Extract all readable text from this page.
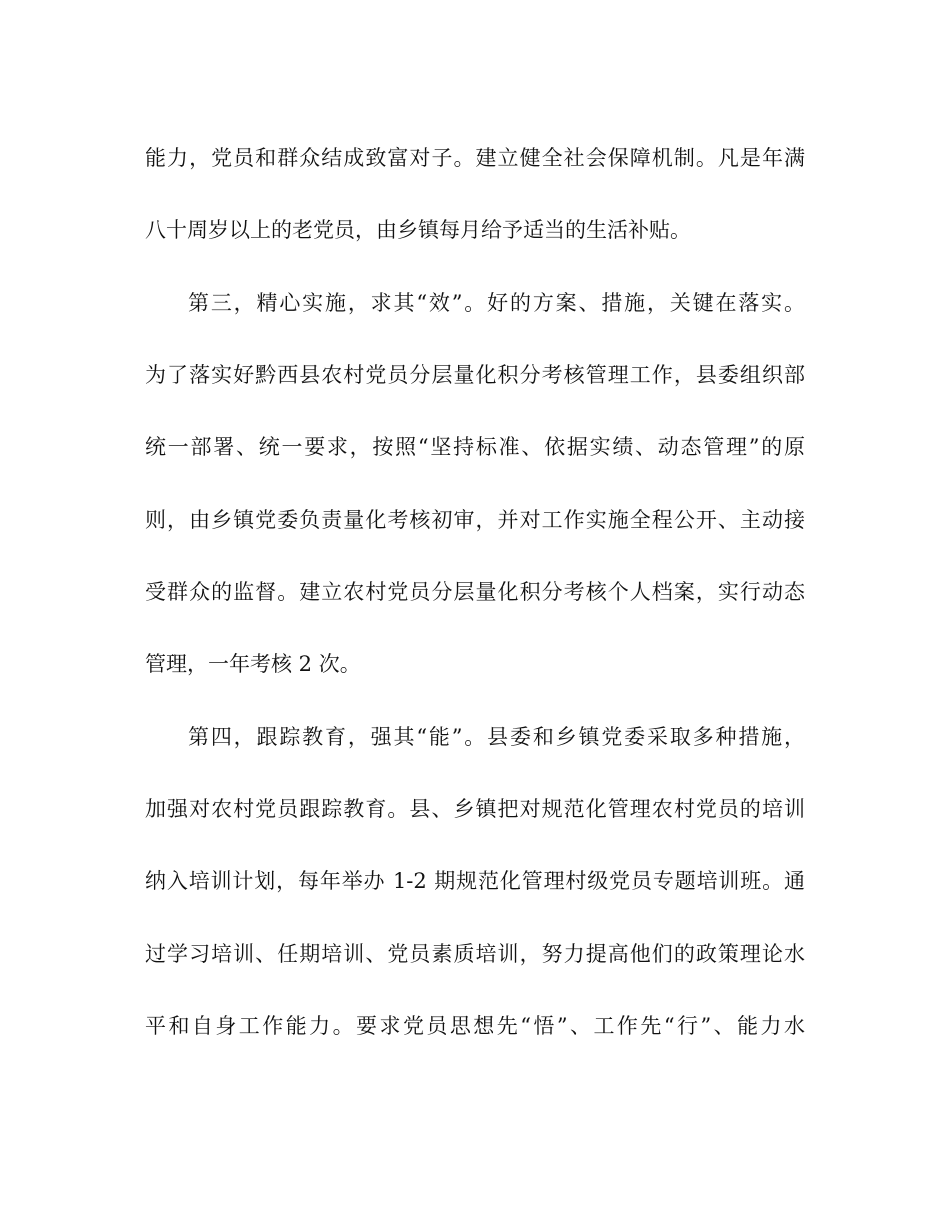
能力，党员和群众结成致富对子。建立健全社会保障机制。凡是年满
八十周岁以上的老党员，由乡镇每月给予适当的生活补贴。
第三，精心实施，求其“效”。好的方案、措施，关键在落实。
为了落实好黔西县农村党员分层量化积分考核管理工作，县委组织部
统一部署、统一要求，按照“坚持标准、依据实绩、动态管理”的原
则，由乡镇党委负责量化考核初审，并对工作实施全程公开、主动接
受群众的监督。建立农村党员分层量化积分考核个人档案，实行动态
管理，一年考核 2 次。
第四，跟踪教育，强其“能”。县委和乡镇党委采取多种措施，
加强对农村党员跟踪教育。县、乡镇把对规范化管理农村党员的培训
纳入培训计划，每年举办 1-2 期规范化管理村级党员专题培训班。通
过学习培训、任期培训、党员素质培训，努力提高他们的政策理论水
平和自身工作能力。要求党员思想先“悟”、工作先“行”、能力水
